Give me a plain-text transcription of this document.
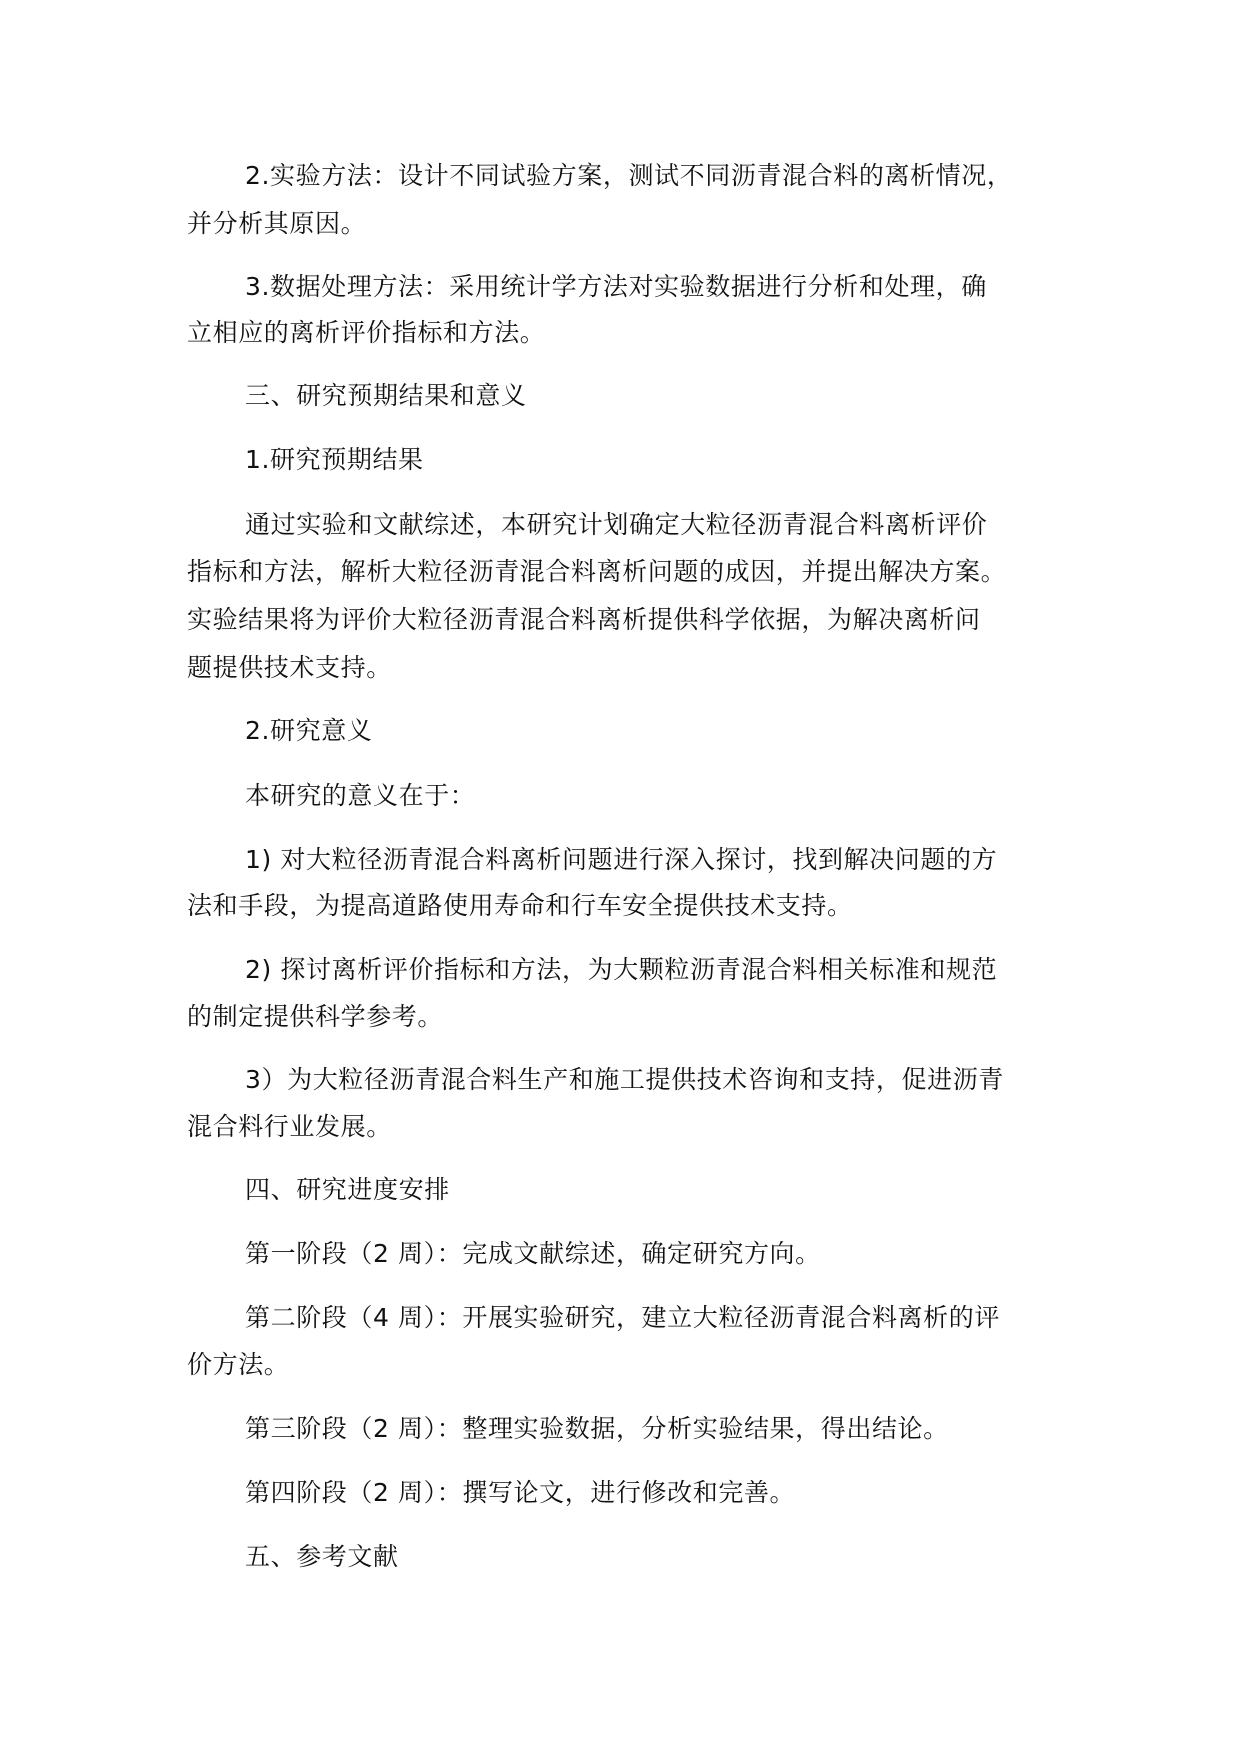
2.实验方法：设计不同试验方案，测试不同沥青混合料的离析情况，

并分析其原因。

3.数据处理方法：采用统计学方法对实验数据进行分析和处理，确

立相应的离析评价指标和方法。

三、研究预期结果和意义

1.研究预期结果

通过实验和文献综述，本研究计划确定大粒径沥青混合料离析评价

指标和方法，解析大粒径沥青混合料离析问题的成因，并提出解决方案。

实验结果将为评价大粒径沥青混合料离析提供科学依据，为解决离析问

题提供技术支持。

2.研究意义

本研究的意义在于：

1) 对大粒径沥青混合料离析问题进行深入探讨，找到解决问题的方

法和手段，为提高道路使用寿命和行车安全提供技术支持。

2) 探讨离析评价指标和方法，为大颗粒沥青混合料相关标准和规范

的制定提供科学参考。

3）为大粒径沥青混合料生产和施工提供技术咨询和支持，促进沥青

混合料行业发展。

四、研究进度安排

第一阶段（2 周）：完成文献综述，确定研究方向。

第二阶段（4 周）：开展实验研究，建立大粒径沥青混合料离析的评

价方法。

第三阶段（2 周）：整理实验数据，分析实验结果，得出结论。

第四阶段（2 周）：撰写论文，进行修改和完善。

五、参考文献
